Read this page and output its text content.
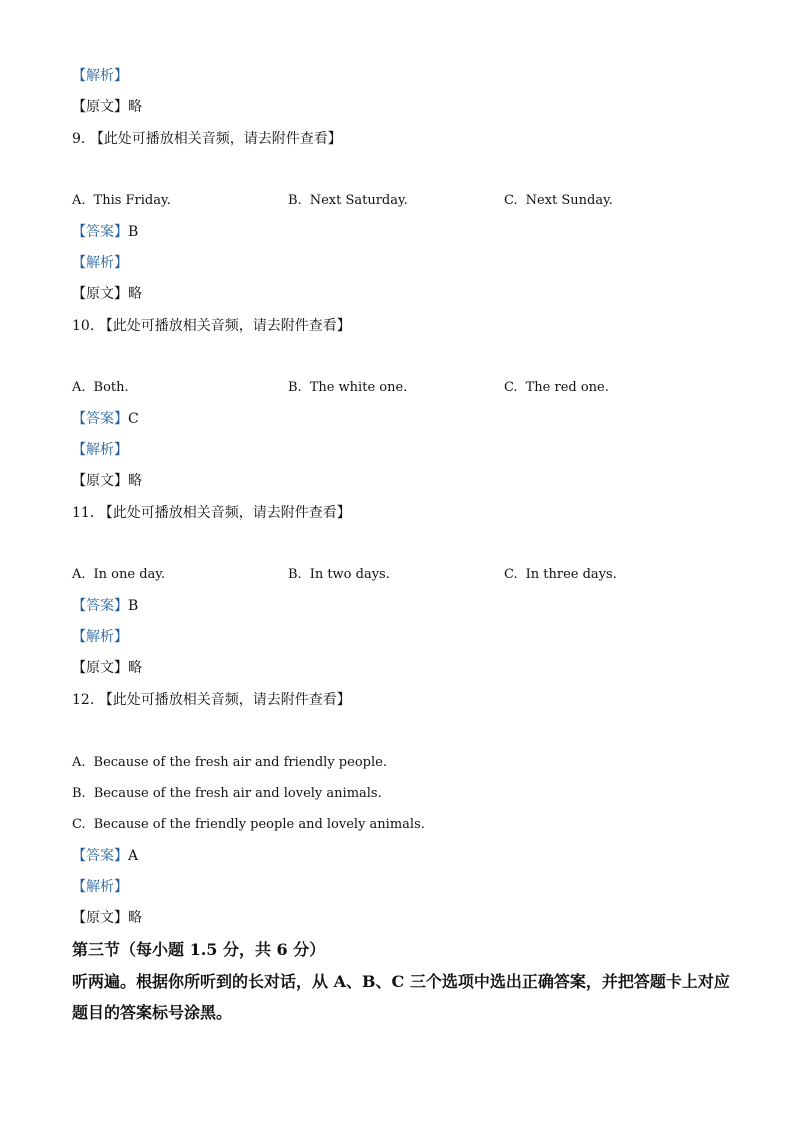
【解析】
【原文】略
9. 【此处可播放相关音频，请去附件查看】
A. This Friday.	B. Next Saturday.	C. Next Sunday.
【答案】B
【解析】
【原文】略
10. 【此处可播放相关音频，请去附件查看】
A. Both.	B. The white one.	C. The red one.
【答案】C
【解析】
【原文】略
11. 【此处可播放相关音频，请去附件查看】
A. In one day.	B. In two days.	C. In three days.
【答案】B
【解析】
【原文】略
12. 【此处可播放相关音频，请去附件查看】
A. Because of the fresh air and friendly people.
B. Because of the fresh air and lovely animals.
C. Because of the friendly people and lovely animals.
【答案】A
【解析】
【原文】略
第三节（每小题 1.5 分，共 6 分）
听两遍。根据你所听到的长对话，从 A、B、C 三个选项中选出正确答案，并把答题卡上对应题目的答案标号涂黑。
